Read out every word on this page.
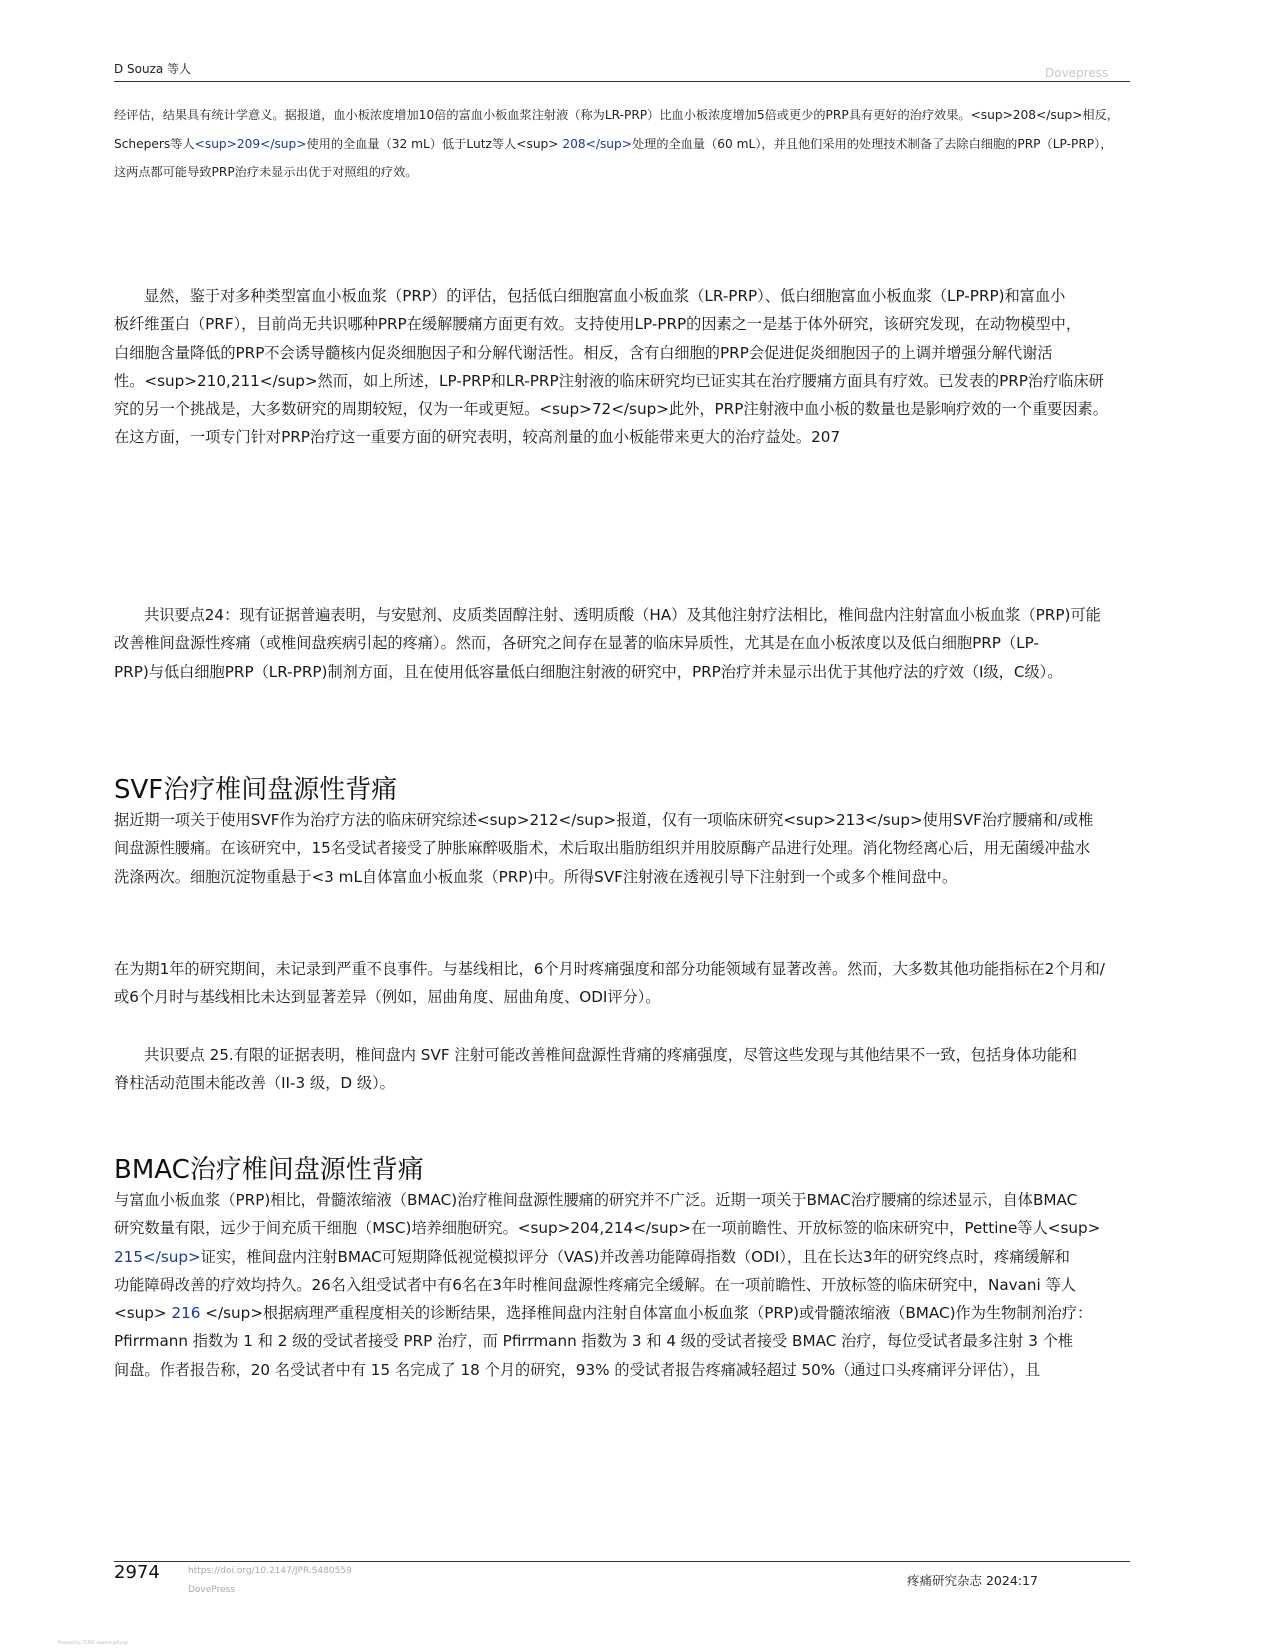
D Souza 等人	Dovepress

经评估，结果具有统计学意义。据报道，血小板浓度增加10倍的富血小板血浆注射液（称为LR-PRP）比血小板浓度增加5倍或更少的PRP具有更好的治疗效果。<sup>208</sup>相反，
Schepers等人<sup>209</sup>使用的全血量（32 mL）低于Lutz等人<sup> 208</sup>处理的全血量（60 mL），并且他们采用的处理技术制备了去除白细胞的PRP（LP-PRP），
这两点都可能导致PRP治疗未显示出优于对照组的疗效。

显然，鉴于对多种类型富血小板血浆（PRP）的评估，包括低白细胞富血小板血浆（LR-PRP）、低白细胞富血小板血浆（LP-PRP)和富血小
板纤维蛋白（PRF），目前尚无共识哪种PRP在缓解腰痛方面更有效。支持使用LP-PRP的因素之一是基于体外研究，该研究发现，在动物模型中，
白细胞含量降低的PRP不会诱导髓核内促炎细胞因子和分解代谢活性。相反，含有白细胞的PRP会促进促炎细胞因子的上调并增强分解代谢活
性。<sup>210,211</sup>然而，如上所述，LP-PRP和LR-PRP注射液的临床研究均已证实其在治疗腰痛方面具有疗效。已发表的PRP治疗临床研
究的另一个挑战是，大多数研究的周期较短，仅为一年或更短。<sup>72</sup>此外，PRP注射液中血小板的数量也是影响疗效的一个重要因素。
在这方面，一项专门针对PRP治疗这一重要方面的研究表明，较高剂量的血小板能带来更大的治疗益处。207

共识要点24：现有证据普遍表明，与安慰剂、皮质类固醇注射、透明质酸（HA）及其他注射疗法相比，椎间盘内注射富血小板血浆（PRP)可能
改善椎间盘源性疼痛（或椎间盘疾病引起的疼痛）。然而，各研究之间存在显著的临床异质性，尤其是在血小板浓度以及低白细胞PRP（LP-
PRP)与低白细胞PRP（LR-PRP)制剂方面，且在使用低容量低白细胞注射液的研究中，PRP治疗并未显示出优于其他疗法的疗效（I级，C级）。

SVF治疗椎间盘源性背痛

据近期一项关于使用SVF作为治疗方法的临床研究综述<sup>212</sup>报道，仅有一项临床研究<sup>213</sup>使用SVF治疗腰痛和/或椎
间盘源性腰痛。在该研究中，15名受试者接受了肿胀麻醉吸脂术，术后取出脂肪组织并用胶原酶产品进行处理。消化物经离心后，用无菌缓冲盐水
洗涤两次。细胞沉淀物重悬于<3 mL自体富血小板血浆（PRP)中。所得SVF注射液在透视引导下注射到一个或多个椎间盘中。

在为期1年的研究期间，未记录到严重不良事件。与基线相比，6个月时疼痛强度和部分功能领域有显著改善。然而，大多数其他功能指标在2个月和/
或6个月时与基线相比未达到显著差异（例如，屈曲角度、屈曲角度、ODI评分）。

共识要点 25.有限的证据表明，椎间盘内 SVF 注射可能改善椎间盘源性背痛的疼痛强度，尽管这些发现与其他结果不一致，包括身体功能和
脊柱活动范围未能改善（II-3 级，D 级）。

BMAC治疗椎间盘源性背痛

与富血小板血浆（PRP)相比，骨髓浓缩液（BMAC)治疗椎间盘源性腰痛的研究并不广泛。近期一项关于BMAC治疗腰痛的综述显示，自体BMAC
研究数量有限，远少于间充质干细胞（MSC)培养细胞研究。<sup>204,214</sup>在一项前瞻性、开放标签的临床研究中，Pettine等人<sup>
215</sup>证实，椎间盘内注射BMAC可短期降低视觉模拟评分（VAS)并改善功能障碍指数（ODI），且在长达3年的研究终点时，疼痛缓解和
功能障碍改善的疗效均持久。26名入组受试者中有6名在3年时椎间盘源性疼痛完全缓解。在一项前瞻性、开放标签的临床研究中，Navani 等人
<sup> 216 </sup>根据病理严重程度相关的诊断结果，选择椎间盘内注射自体富血小板血浆（PRP)或骨髓浓缩液（BMAC)作为生物制剂治疗：
Pfirrmann 指数为 1 和 2 级的受试者接受 PRP 治疗，而 Pfirrmann 指数为 3 和 4 级的受试者接受 BMAC 治疗，每位受试者最多注射 3 个椎
间盘。作者报告称，20 名受试者中有 15 名完成了 18 个月的研究，93% 的受试者报告疼痛减轻超过 50%（通过口头疼痛评分评估），且

2974	https://doi.org/10.2147/JPR.S480559
DovePress
疼痛研究杂志 2024:17
Powered by TCPDF (www.tcpdf.org)
